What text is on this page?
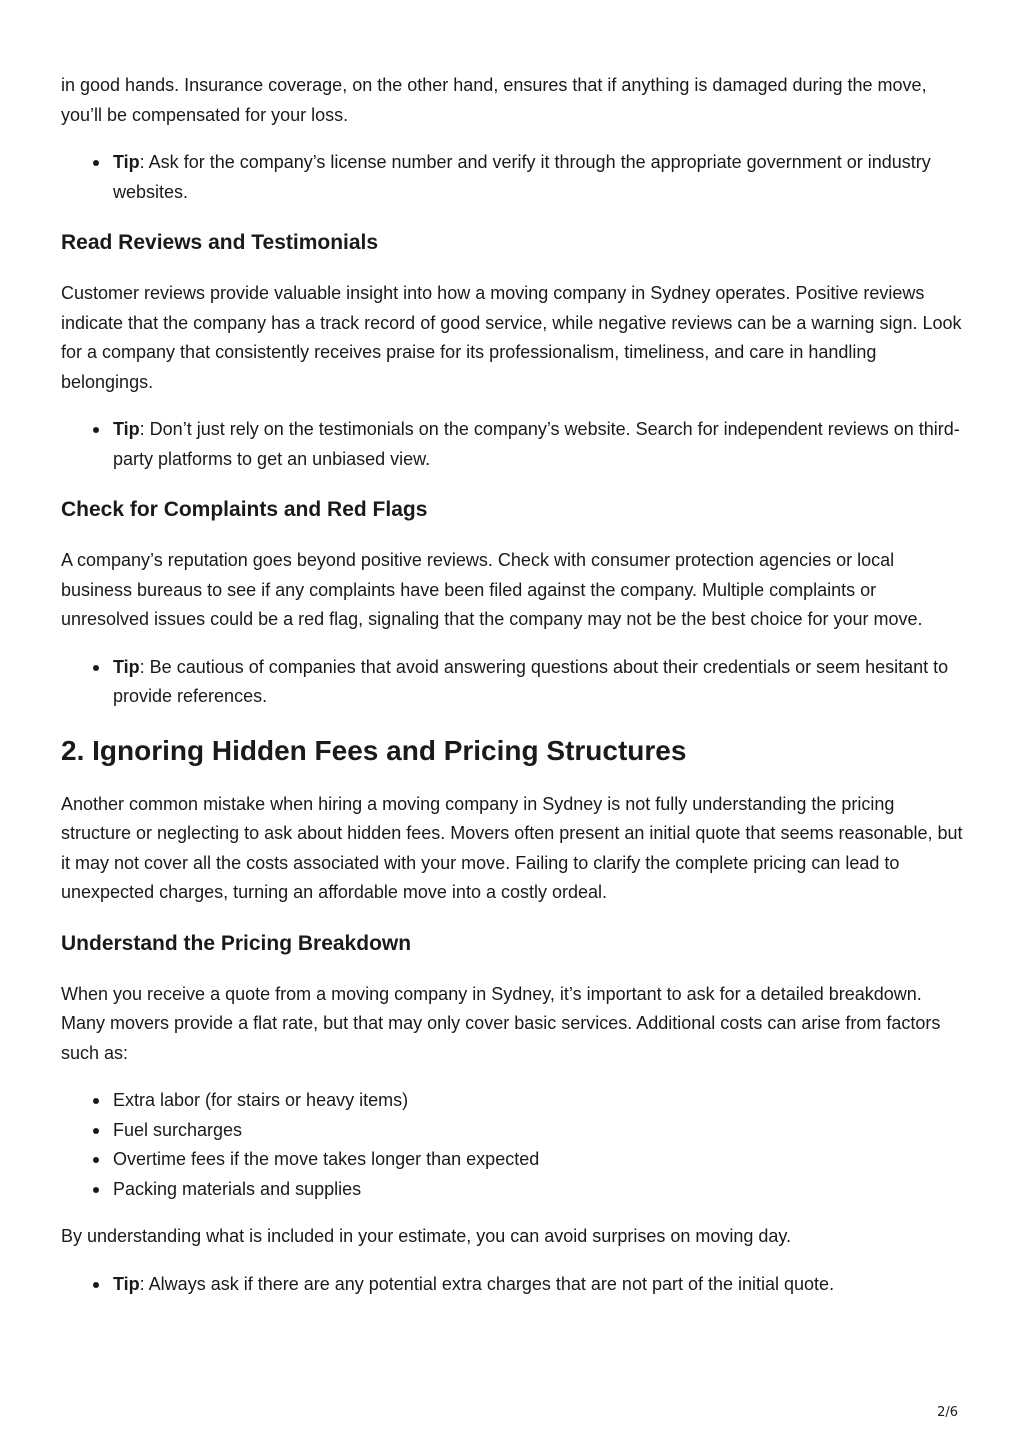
in good hands. Insurance coverage, on the other hand, ensures that if anything is damaged during the move, you’ll be compensated for your loss.

Tip: Ask for the company’s license number and verify it through the appropriate government or industry websites.
Read Reviews and Testimonials

Customer reviews provide valuable insight into how a moving company in Sydney operates. Positive reviews indicate that the company has a track record of good service, while negative reviews can be a warning sign. Look for a company that consistently receives praise for its professionalism, timeliness, and care in handling belongings.

Tip: Don’t just rely on the testimonials on the company’s website. Search for independent reviews on third-party platforms to get an unbiased view.
Check for Complaints and Red Flags

A company’s reputation goes beyond positive reviews. Check with consumer protection agencies or local business bureaus to see if any complaints have been filed against the company. Multiple complaints or unresolved issues could be a red flag, signaling that the company may not be the best choice for your move.

Tip: Be cautious of companies that avoid answering questions about their credentials or seem hesitant to provide references.
2. Ignoring Hidden Fees and Pricing Structures

Another common mistake when hiring a moving company in Sydney is not fully understanding the pricing structure or neglecting to ask about hidden fees. Movers often present an initial quote that seems reasonable, but it may not cover all the costs associated with your move. Failing to clarify the complete pricing can lead to unexpected charges, turning an affordable move into a costly ordeal.

Understand the Pricing Breakdown

When you receive a quote from a moving company in Sydney, it’s important to ask for a detailed breakdown. Many movers provide a flat rate, but that may only cover basic services. Additional costs can arise from factors such as:

Extra labor (for stairs or heavy items)
Fuel surcharges
Overtime fees if the move takes longer than expected
Packing materials and supplies

By understanding what is included in your estimate, you can avoid surprises on moving day.

Tip: Always ask if there are any potential extra charges that are not part of the initial quote.
2/6
